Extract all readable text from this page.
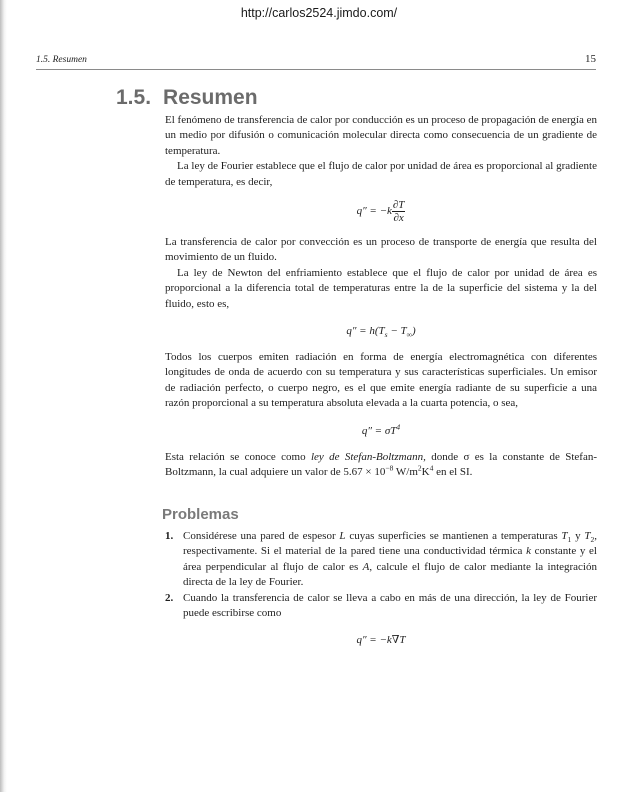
http://carlos2524.jimdo.com/
1.5. Resumen	15
1.5. Resumen

El fenómeno de transferencia de calor por conducción es un proceso de propagación de energía en un medio por difusión o comunicación molecular directa como consecuencia de un gradiente de temperatura.

La ley de Fourier establece que el flujo de calor por unidad de área es proporcional al gradiente de temperatura, es decir,

$q'' = -k \frac{\partial T}{\partial x}$

La transferencia de calor por convección es un proceso de transporte de energía que resulta del movimiento de un fluido.

La ley de Newton del enfriamiento establece que el flujo de calor por unidad de área es proporcional a la diferencia total de temperaturas entre la de la superficie del sistema y la del fluido, esto es,

$q'' = h(T_s - T_\infty)$

Todos los cuerpos emiten radiación en forma de energía electromagnética con diferentes longitudes de onda de acuerdo con su temperatura y sus características superficiales. Un emisor de radiación perfecto, o cuerpo negro, es el que emite energía radiante de su superficie a una razón proporcional a su temperatura absoluta elevada a la cuarta potencia, o sea,

$q'' = \sigma T^4$

Esta relación se conoce como ley de Stefan-Boltzmann, donde σ es la constante de Stefan-Boltzmann, la cual adquiere un valor de $5.67 \times 10^{-8}$ $W/m^2K^4$ en el SI.

Problemas
1. Considérese una pared de espesor L cuyas superficies se mantienen a temperaturas $T_1$ y $T_2$, respectivamente. Si el material de la pared tiene una conductividad térmica k constante y el área perpendicular al flujo de calor es A, calcule el flujo de calor mediante la integración directa de la ley de Fourier.

2. Cuando la transferencia de calor se lleva a cabo en más de una dirección, la ley de Fourier puede escribirse como

q″ = −k∇T
